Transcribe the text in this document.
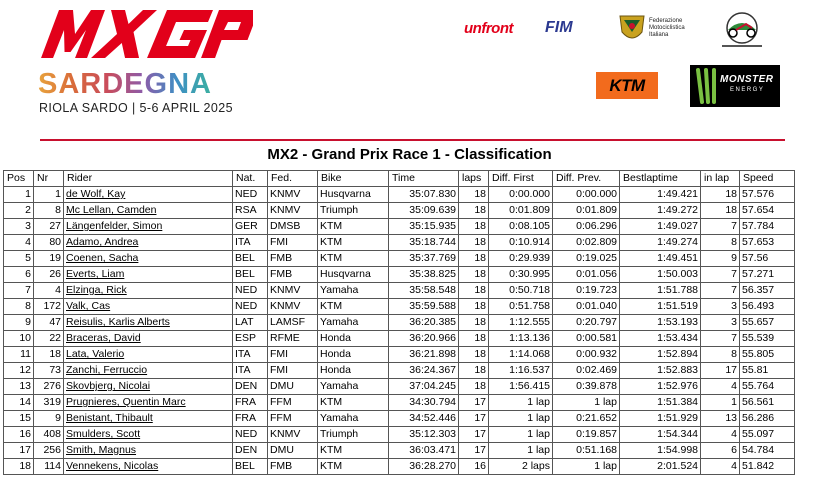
SARDEGNA
RIOLA SARDO | 5-6 APRIL 2025
unfront FIM	Federazione
Motociclistica
Italiana
KTM	MONSTER
ENERGY
MX2 - Grand Prix Race 1 - Classification
Pos	Nr	Rider	Nat.	Fed.	Bike	Time	laps	Diff. First	Diff. Prev.	Bestlaptime	in lap	Speed
1	1	de Wolf, Kay	NED	KNMV	Husqvarna	35:07.830	18	0:00.000	0:00.000	1:49.421	18	57.576
2	8	Mc Lellan, Camden	RSA	KNMV	Triumph	35:09.639	18	0:01.809	0:01.809	1:49.272	18	57.654
3	27	Längenfelder, Simon	GER	DMSB	KTM	35:15.935	18	0:08.105	0:06.296	1:49.027	7	57.784
4	80	Adamo, Andrea	ITA	FMI	KTM	35:18.744	18	0:10.914	0:02.809	1:49.274	8	57.653
5	19	Coenen, Sacha	BEL	FMB	KTM	35:37.769	18	0:29.939	0:19.025	1:49.451	9	57.56
6	26	Everts, Liam	BEL	FMB	Husqvarna	35:38.825	18	0:30.995	0:01.056	1:50.003	7	57.271
7	4	Elzinga, Rick	NED	KNMV	Yamaha	35:58.548	18	0:50.718	0:19.723	1:51.788	7	56.357
8	172	Valk, Cas	NED	KNMV	KTM	35:59.588	18	0:51.758	0:01.040	1:51.519	3	56.493
9	47	Reisulis, Karlis Alberts	LAT	LAMSF	Yamaha	36:20.385	18	1:12.555	0:20.797	1:53.193	3	55.657
10	22	Braceras, David	ESP	RFME	Honda	36:20.966	18	1:13.136	0:00.581	1:53.434	7	55.539
11	18	Lata, Valerio	ITA	FMI	Honda	36:21.898	18	1:14.068	0:00.932	1:52.894	8	55.805
12	73	Zanchi, Ferruccio	ITA	FMI	Honda	36:24.367	18	1:16.537	0:02.469	1:52.883	17	55.81
13	276	Skovbjerg, Nicolai	DEN	DMU	Yamaha	37:04.245	18	1:56.415	0:39.878	1:52.976	4	55.764
14	319	Prugnieres, Quentin Marc	FRA	FFM	KTM	34:30.794	17	1 lap	1 lap	1:51.384	1	56.561
15	9	Benistant, Thibault	FRA	FFM	Yamaha	34:52.446	17	1 lap	0:21.652	1:51.929	13	56.286
16	408	Smulders, Scott	NED	KNMV	Triumph	35:12.303	17	1 lap	0:19.857	1:54.344	4	55.097
17	256	Smith, Magnus	DEN	DMU	KTM	36:03.471	17	1 lap	0:51.168	1:54.998	6	54.784
18	114	Vennekens, Nicolas	BEL	FMB	KTM	36:28.270	16	2 laps	1 lap	2:01.524	4	51.842
